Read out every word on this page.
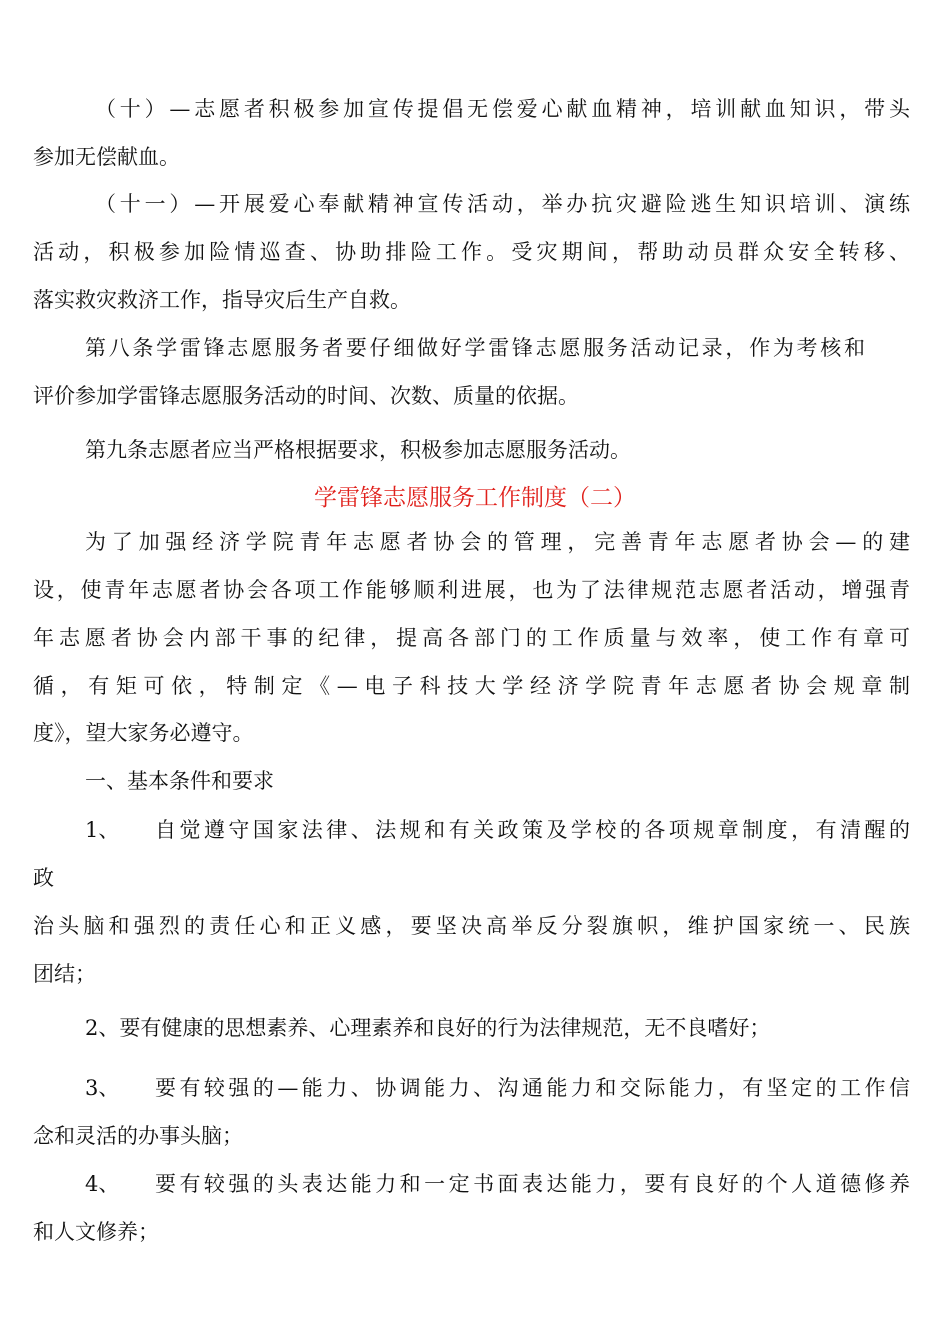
（十）—志愿者积极参加宣传提倡无偿爱心献血精神，培训献血知识，带头
参加无偿献血。
（十一）—开展爱心奉献精神宣传活动，举办抗灾避险逃生知识培训、演练
活动，积极参加险情巡查、协助排险工作。受灾期间，帮助动员群众安全转移、
落实救灾救济工作，指导灾后生产自救。
第八条学雷锋志愿服务者要仔细做好学雷锋志愿服务活动记录，作为考核和
评价参加学雷锋志愿服务活动的时间、次数、质量的依据。
第九条志愿者应当严格根据要求，积极参加志愿服务活动。
学雷锋志愿服务工作制度（二）
为了加强经济学院青年志愿者协会的管理，完善青年志愿者协会—的建
设，使青年志愿者协会各项工作能够顺利进展，也为了法律规范志愿者活动，增强青
年志愿者协会内部干事的纪律，提高各部门的工作质量与效率，使工作有章可
循，有矩可依，特制定《—电子科技大学经济学院青年志愿者协会规章制
度》，望大家务必遵守。
一、基本条件和要求
1、	自觉遵守国家法律、法规和有关政策及学校的各项规章制度，有清醒的
政
治头脑和强烈的责任心和正义感，要坚决高举反分裂旗帜，维护国家统一、民族
团结；
2、要有健康的思想素养、心理素养和良好的行为法律规范，无不良嗜好；
3、	要有较强的—能力、协调能力、沟通能力和交际能力，有坚定的工作信
念和灵活的办事头脑；
4、	要有较强的头表达能力和一定书面表达能力，要有良好的个人道德修养
和人文修养；
